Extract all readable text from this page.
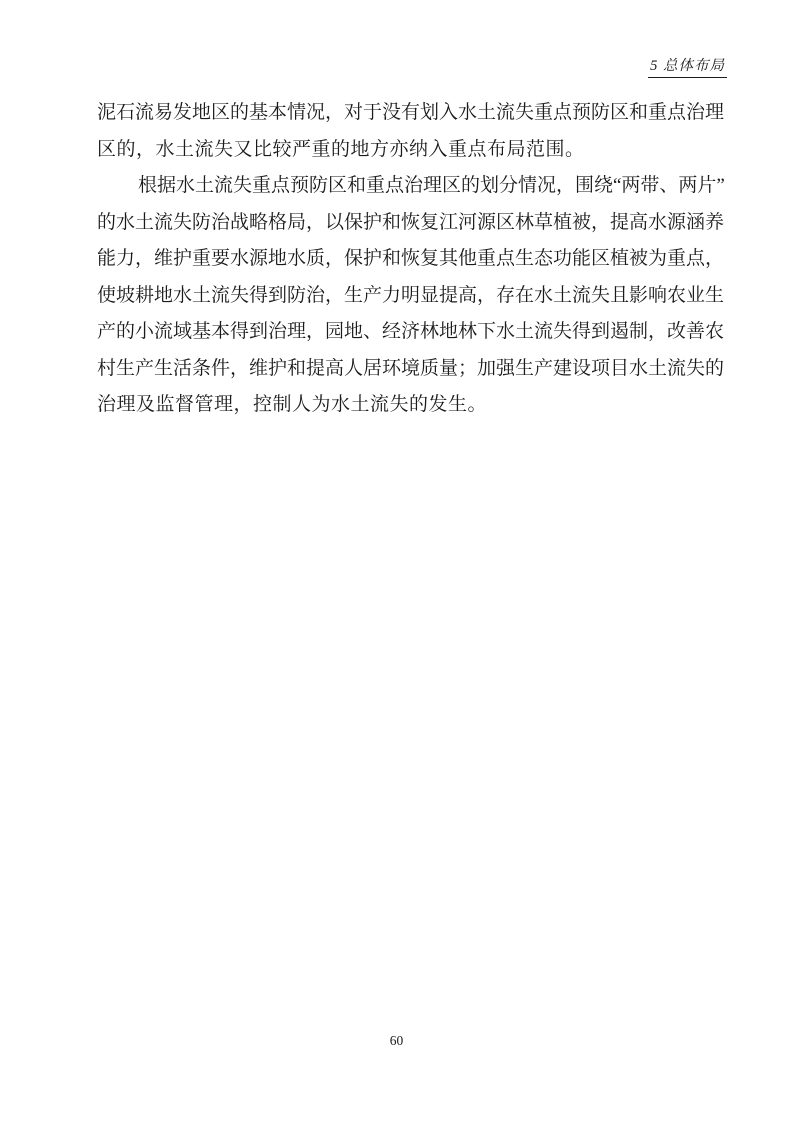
5 总体布局
泥石流易发地区的基本情况，对于没有划入水土流失重点预防区和重点治理
区的，水土流失又比较严重的地方亦纳入重点布局范围。
根据水土流失重点预防区和重点治理区的划分情况，围绕“两带、两片”
的水土流失防治战略格局，以保护和恢复江河源区林草植被，提高水源涵养
能力，维护重要水源地水质，保护和恢复其他重点生态功能区植被为重点，
使坡耕地水土流失得到防治，生产力明显提高，存在水土流失且影响农业生
产的小流域基本得到治理，园地、经济林地林下水土流失得到遏制，改善农
村生产生活条件，维护和提高人居环境质量；加强生产建设项目水土流失的
治理及监督管理，控制人为水土流失的发生。
60
